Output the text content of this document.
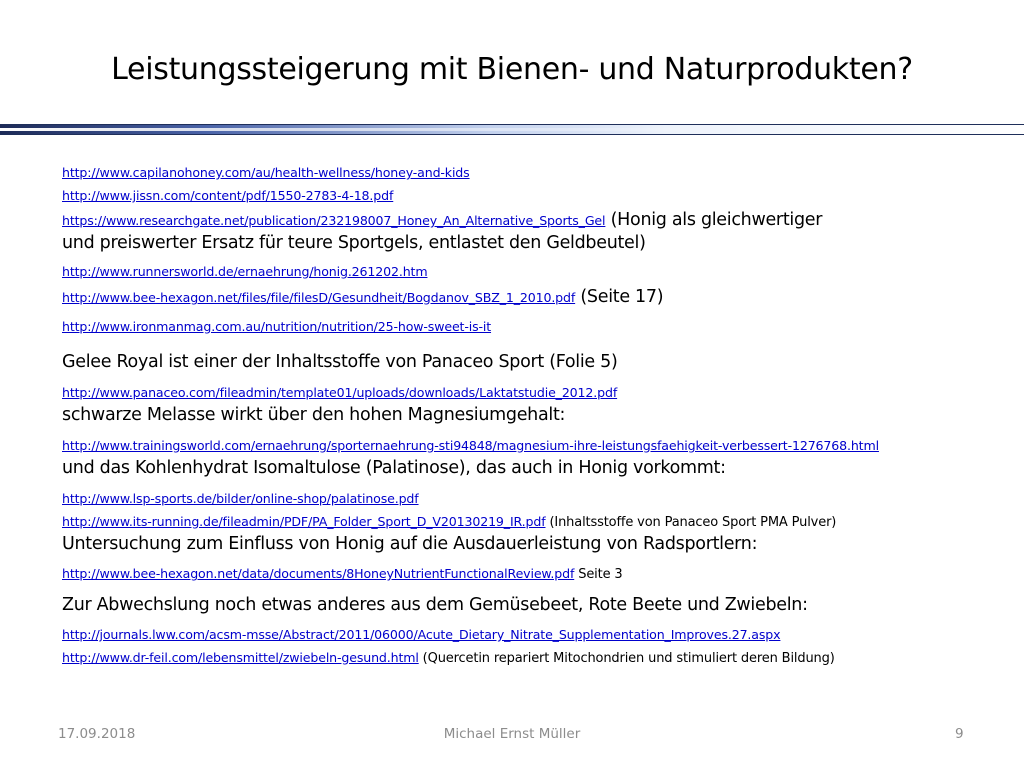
Leistungssteigerung mit Bienen- und Naturprodukten?
http://www.capilanohoney.com/au/health-wellness/honey-and-kids
http://www.jissn.com/content/pdf/1550-2783-4-18.pdf
https://www.researchgate.net/publication/232198007_Honey_An_Alternative_Sports_Gel (Honig als gleichwertiger
und preiswerter Ersatz für teure Sportgels, entlastet den Geldbeutel)
http://www.runnersworld.de/ernaehrung/honig.261202.htm
http://www.bee-hexagon.net/files/file/filesD/Gesundheit/Bogdanov_SBZ_1_2010.pdf (Seite 17)
http://www.ironmanmag.com.au/nutrition/nutrition/25-how-sweet-is-it
Gelee Royal ist einer der Inhaltsstoffe von Panaceo Sport (Folie 5)
http://www.panaceo.com/fileadmin/template01/uploads/downloads/Laktatstudie_2012.pdf
schwarze Melasse wirkt über den hohen Magnesiumgehalt:
http://www.trainingsworld.com/ernaehrung/sporternaehrung-sti94848/magnesium-ihre-leistungsfaehigkeit-verbessert-1276768.html
und das Kohlenhydrat Isomaltulose (Palatinose), das auch in Honig vorkommt:
http://www.lsp-sports.de/bilder/online-shop/palatinose.pdf
http://www.its-running.de/fileadmin/PDF/PA_Folder_Sport_D_V20130219_IR.pdf (Inhaltsstoffe von Panaceo Sport PMA Pulver)
Untersuchung zum Einfluss von Honig auf die Ausdauerleistung von Radsportlern:
http://www.bee-hexagon.net/data/documents/8HoneyNutrientFunctionalReview.pdf Seite 3
Zur Abwechslung noch etwas anderes aus dem Gemüsebeet, Rote Beete und Zwiebeln:
http://journals.lww.com/acsm-msse/Abstract/2011/06000/Acute_Dietary_Nitrate_Supplementation_Improves.27.aspx
http://www.dr-feil.com/lebensmittel/zwiebeln-gesund.html (Quercetin repariert Mitochondrien und stimuliert deren Bildung)
17.09.2018	Michael Ernst Müller	9
